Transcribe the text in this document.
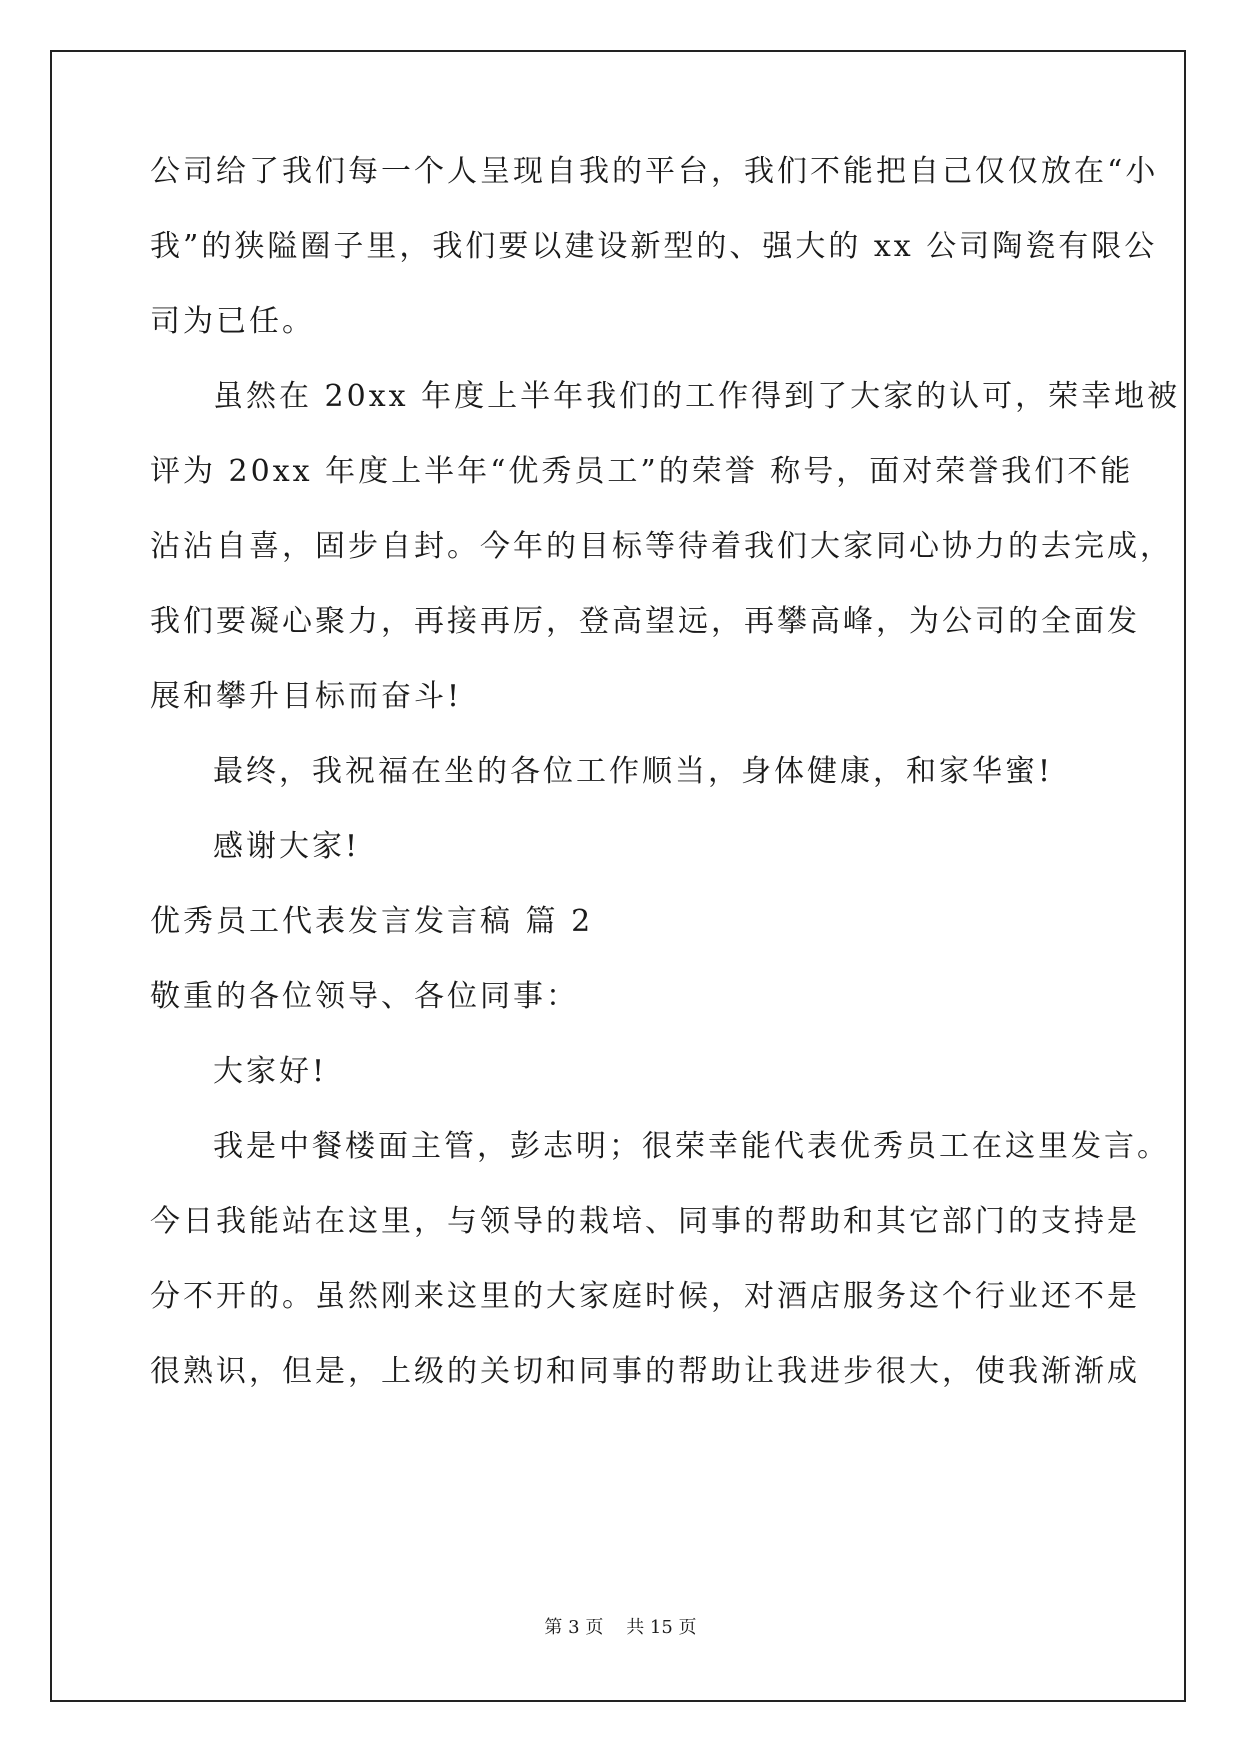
公司给了我们每一个人呈现自我的平台，我们不能把自己仅仅放在“小
我”的狭隘圈子里，我们要以建设新型的、强大的 xx 公司陶瓷有限公
司为已任。
虽然在 20xx 年度上半年我们的工作得到了大家的认可，荣幸地被
评为 20xx 年度上半年“优秀员工”的荣誉 称号，面对荣誉我们不能
沾沾自喜，固步自封。今年的目标等待着我们大家同心协力的去完成，
我们要凝心聚力，再接再厉，登高望远，再攀高峰，为公司的全面发
展和攀升目标而奋斗!
最终，我祝福在坐的各位工作顺当，身体健康，和家华蜜!
感谢大家!
优秀员工代表发言发言稿 篇 2
敬重的各位领导、各位同事：
大家好!
我是中餐楼面主管，彭志明；很荣幸能代表优秀员工在这里发言。
今日我能站在这里，与领导的栽培、同事的帮助和其它部门的支持是
分不开的。虽然刚来这里的大家庭时候，对酒店服务这个行业还不是
很熟识，但是，上级的关切和同事的帮助让我进步很大，使我渐渐成
第 3 页    共 15 页
